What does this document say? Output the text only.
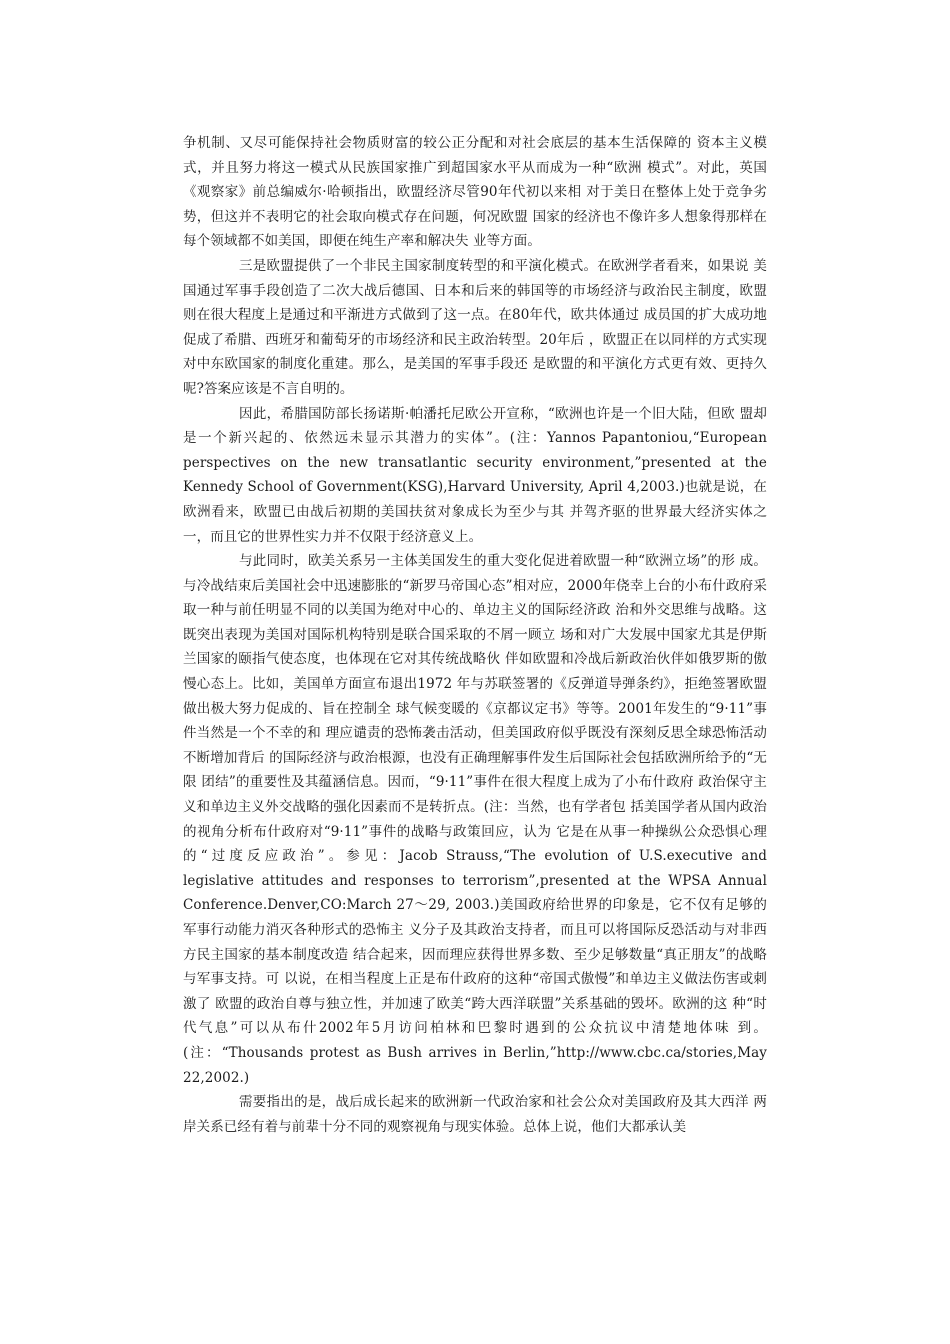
争机制、又尽可能保持社会物质财富的较公正分配和对社会底层的基本生活保障的 资本主义模式，并且努力将这一模式从民族国家推广到超国家水平从而成为一种“欧洲 模式”。对此，英国《观察家》前总编威尔·哈顿指出，欧盟经济尽管90年代初以来相 对于美日在整体上处于竞争劣势，但这并不表明它的社会取向模式存在问题，何况欧盟 国家的经济也不像许多人想象得那样在每个领域都不如美国，即便在纯生产率和解决失 业等方面。

三是欧盟提供了一个非民主国家制度转型的和平演化模式。在欧洲学者看来，如果说 美国通过军事手段创造了二次大战后德国、日本和后来的韩国等的市场经济与政治民主制度，欧盟则在很大程度上是通过和平渐进方式做到了这一点。在80年代，欧共体通过 成员国的扩大成功地促成了希腊、西班牙和葡萄牙的市场经济和民主政治转型。20年后 ，欧盟正在以同样的方式实现对中东欧国家的制度化重建。那么，是美国的军事手段还 是欧盟的和平演化方式更有效、更持久呢?答案应该是不言自明的。

因此，希腊国防部长扬诺斯·帕潘托尼欧公开宣称，“欧洲也许是一个旧大陆，但欧 盟却是一个新兴起的、依然远未显示其潜力的实体”。(注：Yannos Papantoniou,“European perspectives on the new transatlantic security environment,”presented at the Kennedy School of Government(KSG),Harvard University, April 4,2003.)也就是说，在欧洲看来，欧盟已由战后初期的美国扶贫对象成长为至少与其 并驾齐驱的世界最大经济实体之一，而且它的世界性实力并不仅限于经济意义上。

与此同时，欧美关系另一主体美国发生的重大变化促进着欧盟一种“欧洲立场”的形 成。与冷战结束后美国社会中迅速膨胀的“新罗马帝国心态”相对应，2000年侥幸上台的小布什政府采取一种与前任明显不同的以美国为绝对中心的、单边主义的国际经济政 治和外交思维与战略。这既突出表现为美国对国际机构特别是联合国采取的不屑一顾立 场和对广大发展中国家尤其是伊斯兰国家的颐指气使态度，也体现在它对其传统战略伙 伴如欧盟和冷战后新政治伙伴如俄罗斯的傲慢心态上。比如，美国单方面宣布退出1972 年与苏联签署的《反弹道导弹条约》，拒绝签署欧盟做出极大努力促成的、旨在控制全 球气候变暖的《京都议定书》等等。2001年发生的“9·11”事件当然是一个不幸的和 理应谴责的恐怖袭击活动，但美国政府似乎既没有深刻反思全球恐怖活动不断增加背后 的国际经济与政治根源，也没有正确理解事件发生后国际社会包括欧洲所给予的“无限 团结”的重要性及其蕴涵信息。因而，“9·11”事件在很大程度上成为了小布什政府 政治保守主义和单边主义外交战略的强化因素而不是转折点。(注：当然，也有学者包 括美国学者从国内政治的视角分析布什政府对“9·11”事件的战略与政策回应，认为 它是在从事一种操纵公众恐惧心理的“过度反应政治”。参见：Jacob Strauss,“The evolution of U.S.executive and legislative attitudes and responses to terrorism”,presented at the WPSA Annual Conference.Denver,CO:March 27～29, 2003.)美国政府给世界的印象是，它不仅有足够的军事行动能力消灭各种形式的恐怖主 义分子及其政治支持者，而且可以将国际反恐活动与对非西方民主国家的基本制度改造 结合起来，因而理应获得世界多数、至少足够数量“真正朋友”的战略与军事支持。可 以说，在相当程度上正是布什政府的这种“帝国式傲慢”和单边主义做法伤害或刺激了 欧盟的政治自尊与独立性，并加速了欧美“跨大西洋联盟”关系基础的毁坏。欧洲的这 种“时代气息”可以从布什2002年5月访问柏林和巴黎时遇到的公众抗议中清楚地体味 到。(注：“Thousands protest as Bush arrives in Berlin,”http://www.cbc.ca/stories,May 22,2002.)

需要指出的是，战后成长起来的欧洲新一代政治家和社会公众对美国政府及其大西洋 两岸关系已经有着与前辈十分不同的观察视角与现实体验。总体上说，他们大都承认美
